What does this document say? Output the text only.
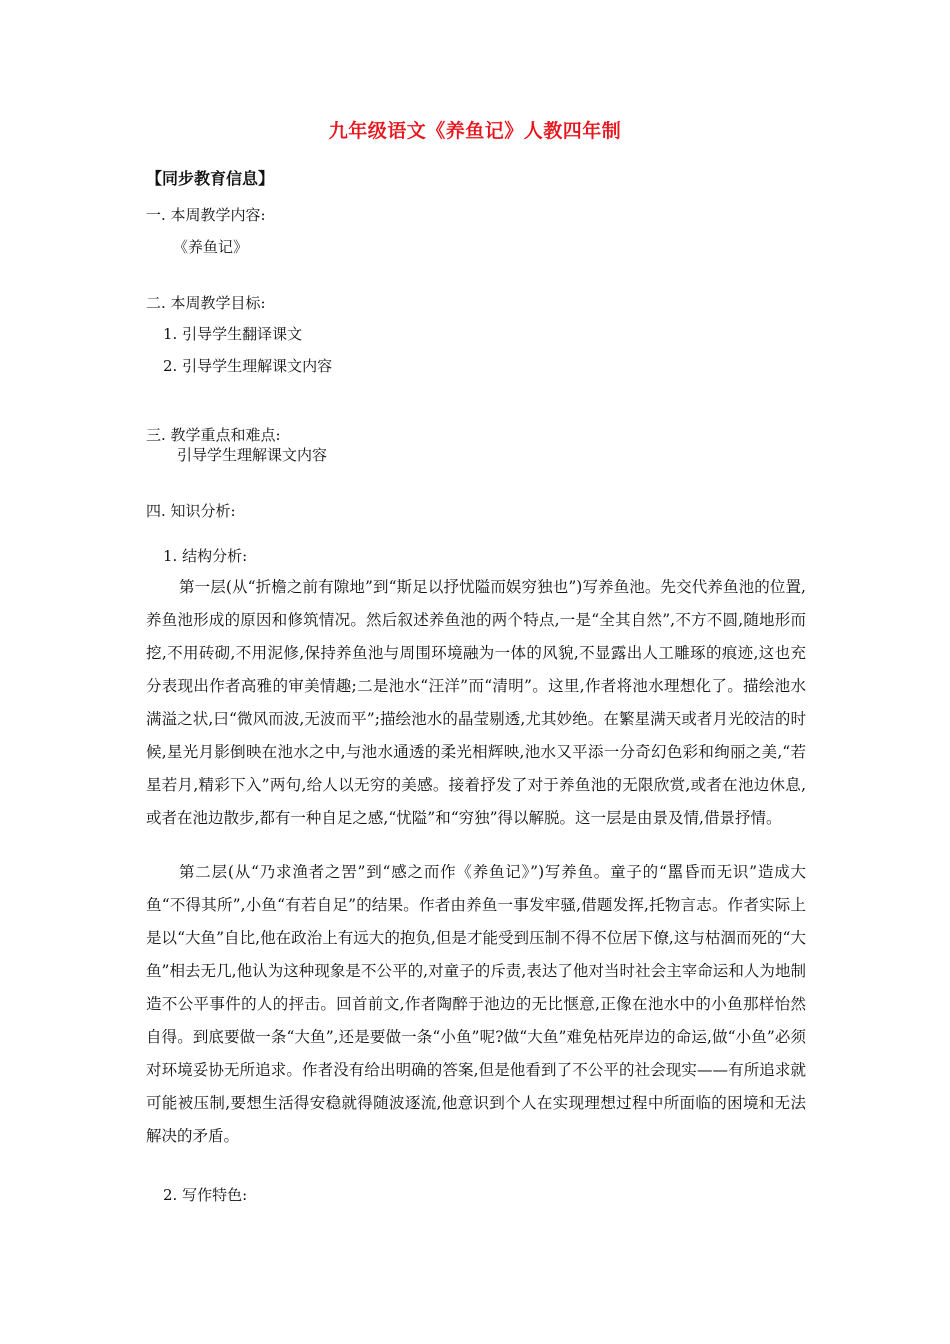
九年级语文《养鱼记》人教四年制
【同步教育信息】
一. 本周教学内容:
《养鱼记》
二. 本周教学目标:
1. 引导学生翻译课文
2. 引导学生理解课文内容
三. 教学重点和难点:
引导学生理解课文内容
四. 知识分析:
1. 结构分析:

第一层(从“折檐之前有隙地”到“斯足以抒忧隘而娱穷独也”)写养鱼池。先交代养鱼池的位置,养鱼池形成的原因和修筑情况。然后叙述养鱼池的两个特点,一是“全其自然”,不方不圆,随地形而挖,不用砖砌,不用泥修,保持养鱼池与周围环境融为一体的风貌,不显露出人工雕琢的痕迹,这也充分表现出作者高雅的审美情趣;二是池水“汪洋”而“清明”。这里,作者将池水理想化了。描绘池水满溢之状,曰“微风而波,无波而平”;描绘池水的晶莹剔透,尤其妙绝。在繁星满天或者月光皎洁的时候,星光月影倒映在池水之中,与池水通透的柔光相辉映,池水又平添一分奇幻色彩和绚丽之美,“若星若月,精彩下入”两句,给人以无穷的美感。接着抒发了对于养鱼池的无限欣赏,或者在池边休息,或者在池边散步,都有一种自足之感,“忧隘”和“穷独”得以解脱。这一层是由景及情,借景抒情。

第二层(从“乃求渔者之罟”到“感之而作《养鱼记》”)写养鱼。童子的“嚚昏而无识”造成大鱼“不得其所”,小鱼“有若自足”的结果。作者由养鱼一事发牢骚,借题发挥,托物言志。作者实际上是以“大鱼”自比,他在政治上有远大的抱负,但是才能受到压制不得不位居下僚,这与枯涸而死的“大鱼”相去无几,他认为这种现象是不公平的,对童子的斥责,表达了他对当时社会主宰命运和人为地制造不公平事件的人的抨击。回首前文,作者陶醉于池边的无比惬意,正像在池水中的小鱼那样怡然自得。到底要做一条“大鱼”,还是要做一条“小鱼”呢?做“大鱼”难免枯死岸边的命运,做“小鱼”必须对环境妥协无所追求。作者没有给出明确的答案,但是他看到了不公平的社会现实——有所追求就可能被压制,要想生活得安稳就得随波逐流,他意识到个人在实现理想过程中所面临的困境和无法解决的矛盾。

2. 写作特色:
